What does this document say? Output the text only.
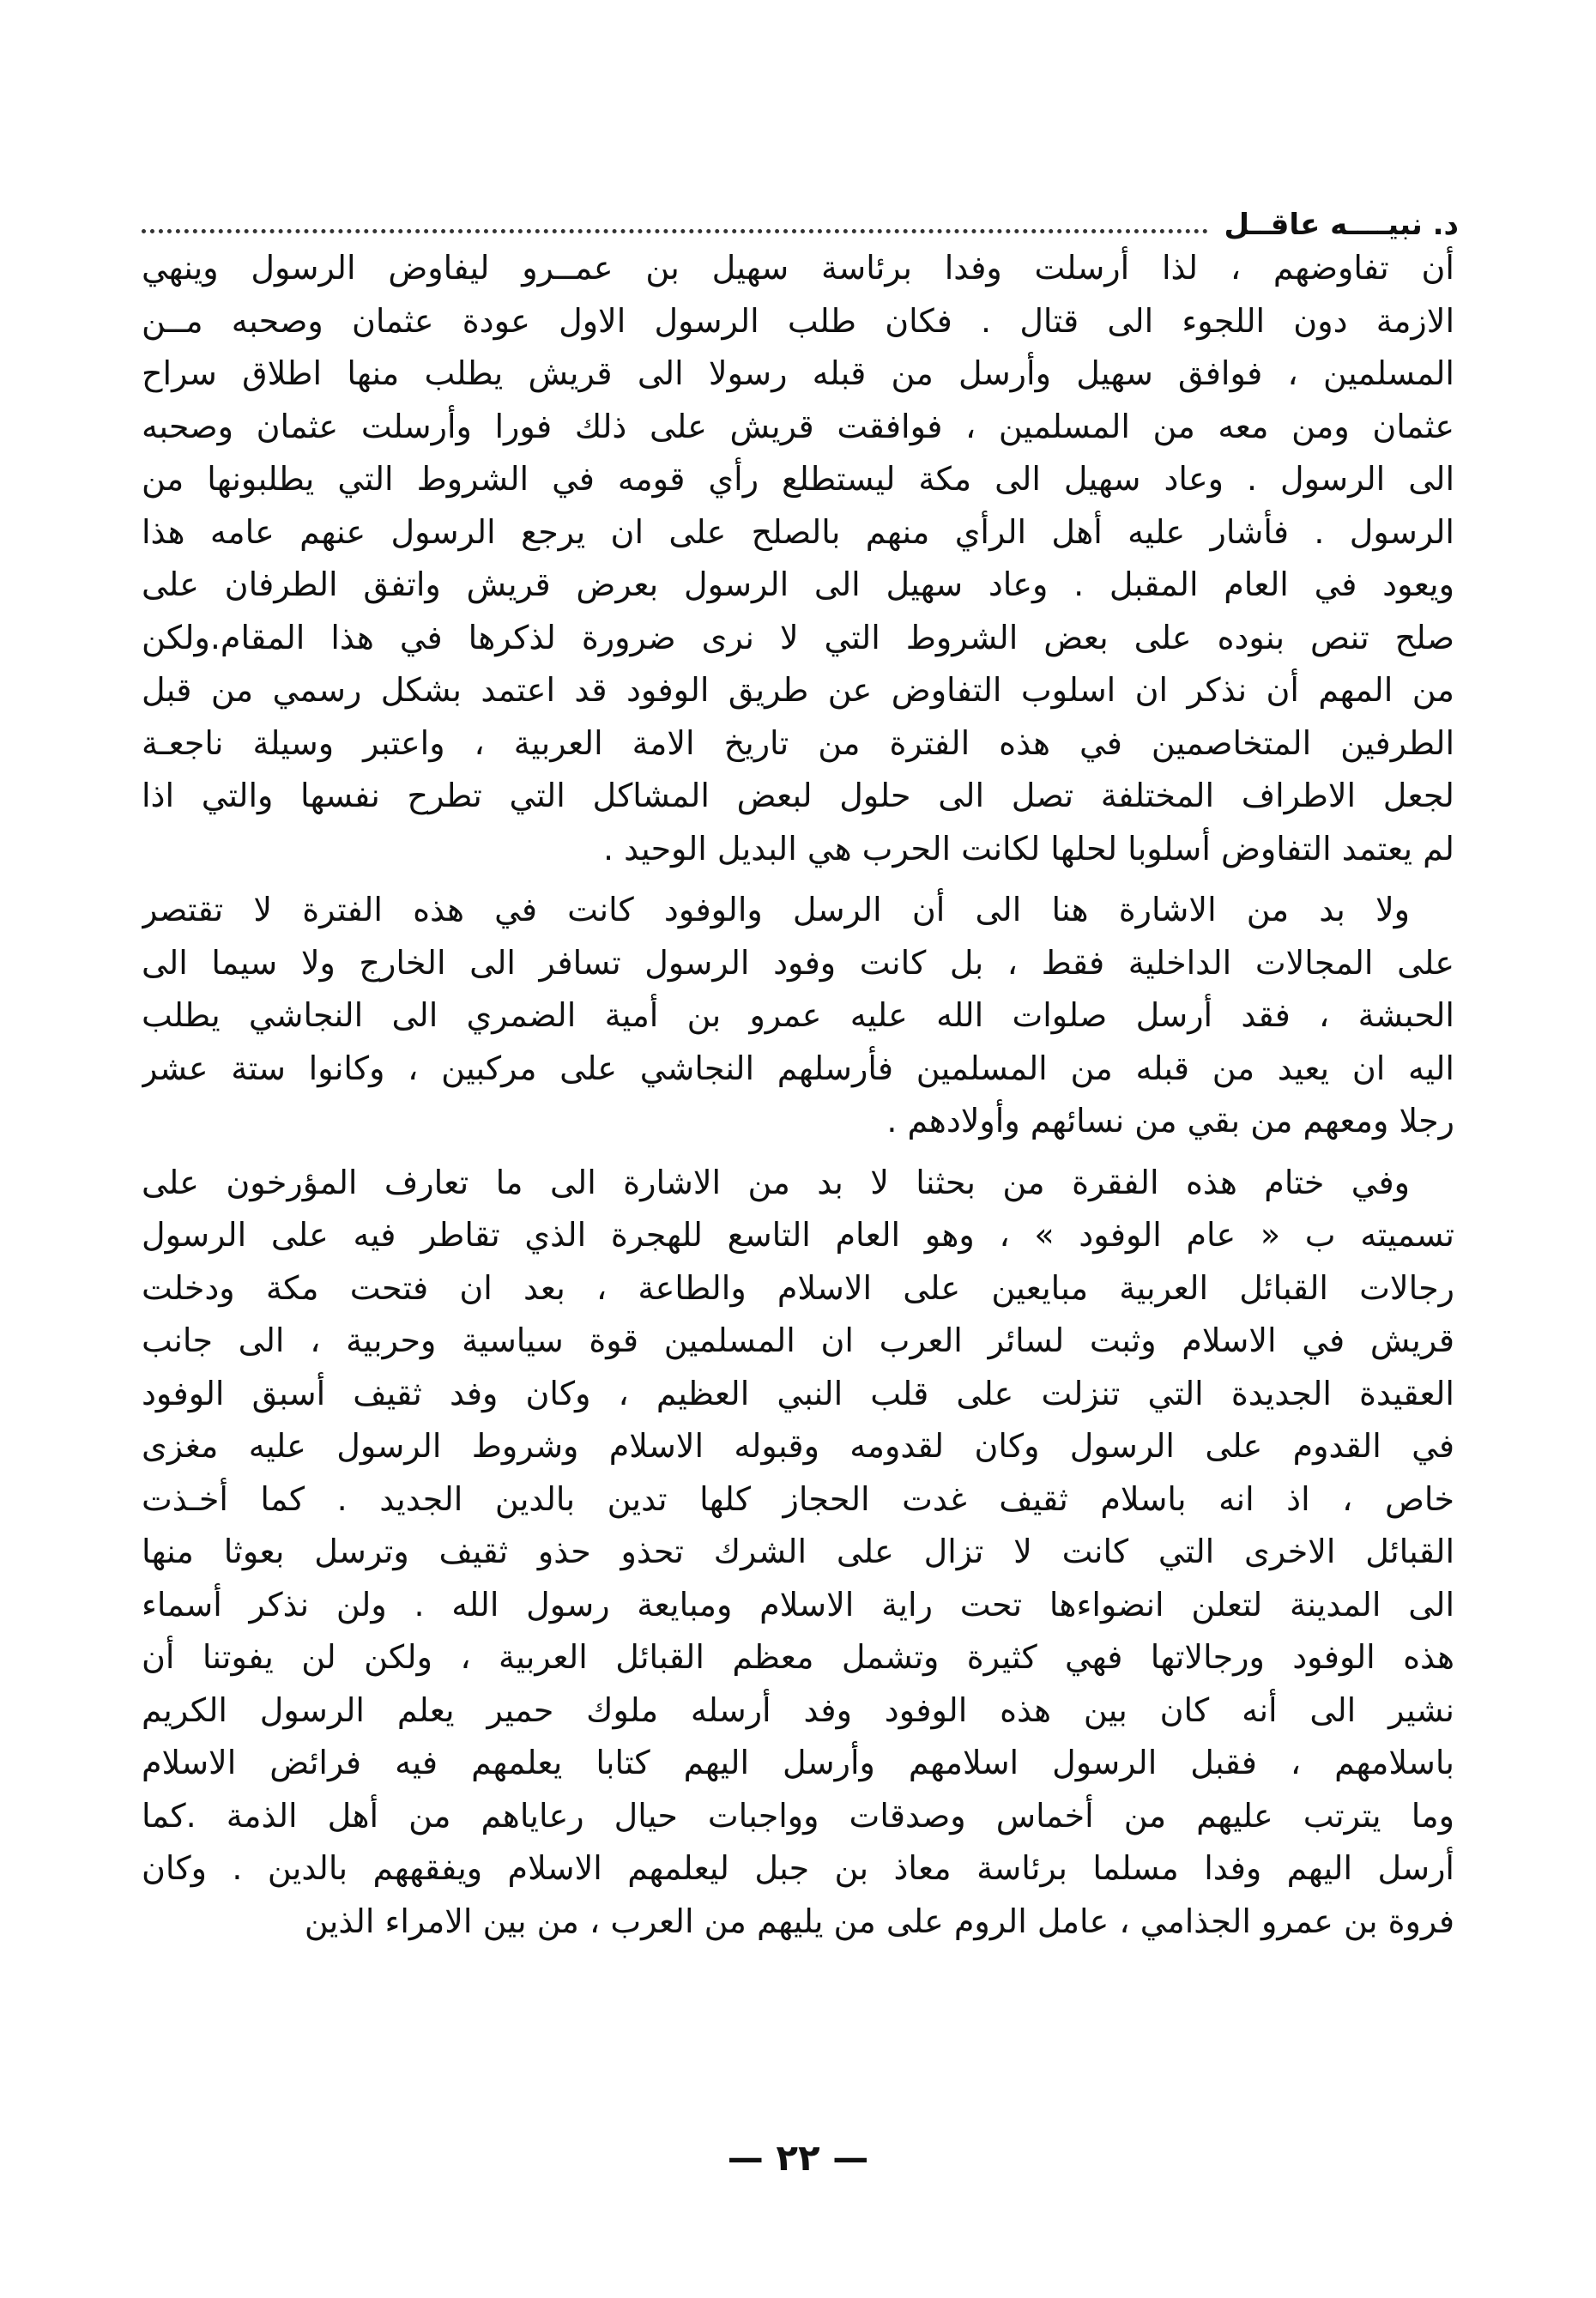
د. نبيــــه عاقــل
أن تفاوضهم ، لذا أرسلت وفدا برئاسة سهيل بن عمــرو ليفاوض الرسول وينهي
الازمة دون اللجوء الى قتال . فكان طلب الرسول الاول عودة عثمان وصحبه مــن
المسلمين ، فوافق سهيل وأرسل من قبله رسولا الى قريش يطلب منها اطلاق سراح
عثمان ومن معه من المسلمين ، فوافقت قريش على ذلك فورا وأرسلت عثمان وصحبه
الى الرسول . وعاد سهيل الى مكة ليستطلع رأي قومه في الشروط التي يطلبونها من
الرسول . فأشار عليه أهل الرأي منهم بالصلح على ان يرجع الرسول عنهم عامه هذا
ويعود في العام المقبل . وعاد سهيل الى الرسول بعرض قريش واتفق الطرفان على
صلح تنص بنوده على بعض الشروط التي لا نرى ضرورة لذكرها في هذا المقام.ولكن
من المهم أن نذكر ان اسلوب التفاوض عن طريق الوفود قد اعتمد بشكل رسمي من قبل
الطرفين المتخاصمين في هذه الفترة من تاريخ الامة العربية ، واعتبر وسيلة ناجعـة
لجعل الاطراف المختلفة تصل الى حلول لبعض المشاكل التي تطرح نفسها والتي اذا
لم يعتمد التفاوض أسلوبا لحلها لكانت الحرب هي البديل الوحيد .
ولا بد من الاشارة هنا الى أن الرسل والوفود كانت في هذه الفترة لا تقتصر
على المجالات الداخلية فقط ، بل كانت وفود الرسول تسافر الى الخارج ولا سيما الى
الحبشة ، فقد أرسل صلوات الله عليه عمرو بن أمية الضمري الى النجاشي يطلب
اليه ان يعيد من قبله من المسلمين فأرسلهم النجاشي على مركبين ، وكانوا ستة عشر
رجلا ومعهم من بقي من نسائهم وأولادهم .
وفي ختام هذه الفقرة من بحثنا لا بد من الاشارة الى ما تعارف المؤرخون على
تسميته ب « عام الوفود » ، وهو العام التاسع للهجرة الذي تقاطر فيه على الرسول
رجالات القبائل العربية مبايعين على الاسلام والطاعة ، بعد ان فتحت مكة ودخلت
قريش في الاسلام وثبت لسائر العرب ان المسلمين قوة سياسية وحربية ، الى جانب
العقيدة الجديدة التي تنزلت على قلب النبي العظيم ، وكان وفد ثقيف أسبق الوفود
في القدوم على الرسول وكان لقدومه وقبوله الاسلام وشروط الرسول عليه مغزى
خاص ، اذ انه باسلام ثقيف غدت الحجاز كلها تدين بالدين الجديد . كما أخـذت
القبائل الاخرى التي كانت لا تزال على الشرك تحذو حذو ثقيف وترسل بعوثا منها
الى المدينة لتعلن انضواءها تحت راية الاسلام ومبايعة رسول الله . ولن نذكر أسماء
هذه الوفود ورجالاتها فهي كثيرة وتشمل معظم القبائل العربية ، ولكن لن يفوتنا أن
نشير الى أنه كان بين هذه الوفود وفد أرسله ملوك حمير يعلم الرسول الكريم
باسلامهم ، فقبل الرسول اسلامهم وأرسل اليهم كتابا يعلمهم فيه فرائض الاسلام
وما يترتب عليهم من أخماس وصدقات وواجبات حيال رعاياهم من أهل الذمة .كما
أرسل اليهم وفدا مسلما برئاسة معاذ بن جبل ليعلمهم الاسلام ويفقههم بالدين . وكان
فروة بن عمرو الجذامي ، عامل الروم على من يليهم من العرب ، من بين الامراء الذين
— ٢٢ —
